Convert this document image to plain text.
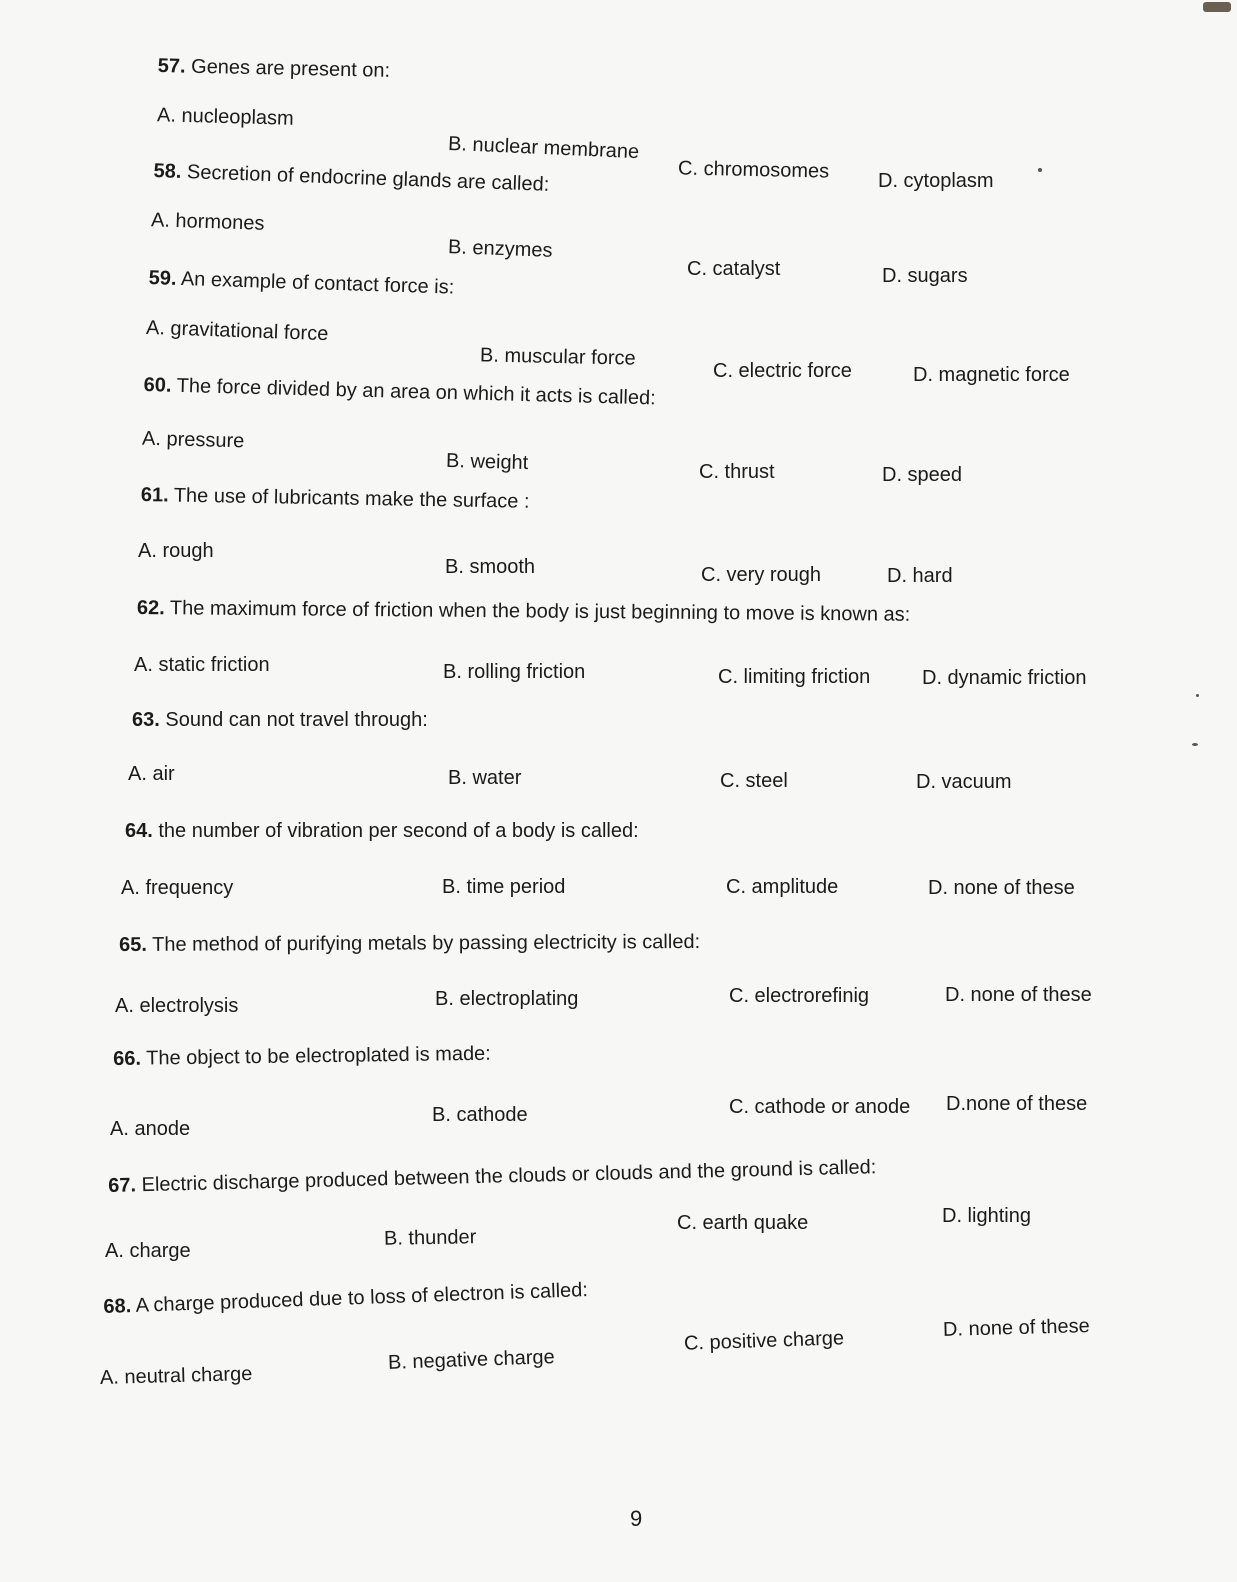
57. Genes are present on:
A. nucleoplasm
B. nuclear membrane
C. chromosomes D. cytoplasm
58. Secretion of endocrine glands are called:
A. hormones
B. enzymes
C. catalyst	D. sugars
59. An example of contact force is:
A. gravitational force
B. muscular force
C. electric force	D. magnetic force
60. The force divided by an area on which it acts is called:
A. pressure
B. weight	C. thrust	D. speed
61. The use of lubricants make the surface :
A. rough
B. smooth	C. very rough	D. hard
62. The maximum force of friction when the body is just beginning to move is known as:
A. static friction	B. rolling friction	C. limiting friction	D. dynamic friction
63. Sound can not travel through:
A. air	B. water	C. steel	D. vacuum
64. the number of vibration per second of a body is called:
A. frequency	B. time period	C. amplitude	D. none of these
65. The method of purifying metals by passing electricity is called:
A. electrolysis	B. electroplating	C. electrorefinig	D. none of these
66. The object to be electroplated is made:
A. anode
B. cathode	C. cathode or anode D.none of these
67. Electric discharge produced between the clouds or clouds and the ground is called:
A. charge
B. thunder
C. earth quake	D. lighting
68. A charge produced due to loss of electron is called:
A. neutral charge
B. negative charge
C. positive charge	D. none of these
9
